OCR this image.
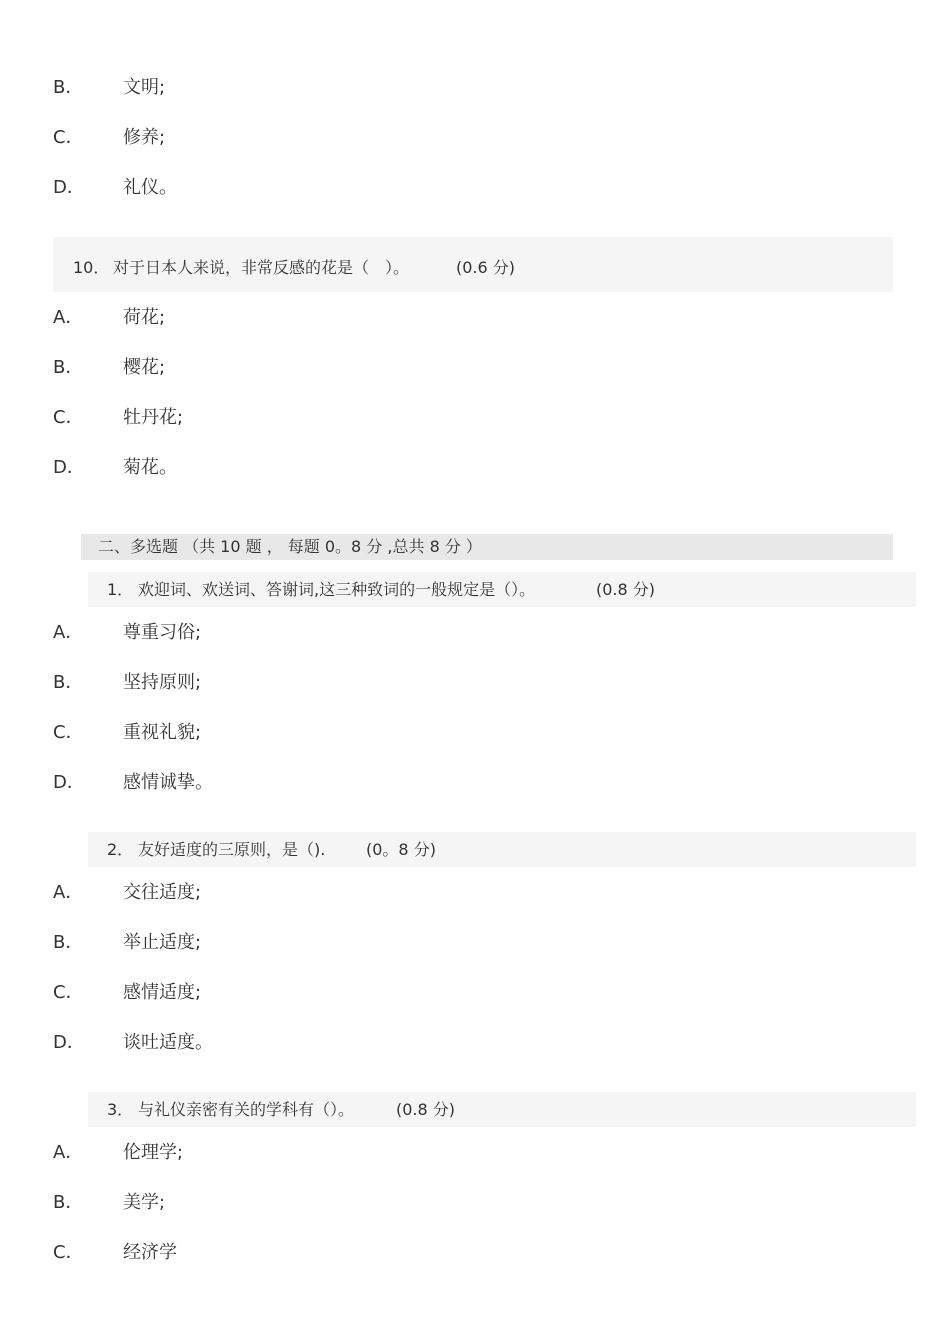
B．	文明;
C．	修养;
D．	礼仪。
10． 对于日本人来说，非常反感的花是（　）。	(0.6 分)
A．	荷花;
B．	樱花;
C．	牡丹花;
D．	菊花。
二、多选题 （共 10 题 ， 每题 0。8 分 ,总共 8 分 ）
1． 欢迎词、欢送词、答谢词,这三种致词的一般规定是（）。	(0.8 分)
A．	尊重习俗;
B．	坚持原则;
C．	重视礼貌;
D．	感情诚挚。
2． 友好适度的三原则，是（).	(0。8 分)
A．	交往适度;
B．	举止适度;
C．	感情适度;
D．	谈吐适度。
3． 与礼仪亲密有关的学科有（）。	(0.8 分)
A．	伦理学;
B．	美学;
C．	经济学
